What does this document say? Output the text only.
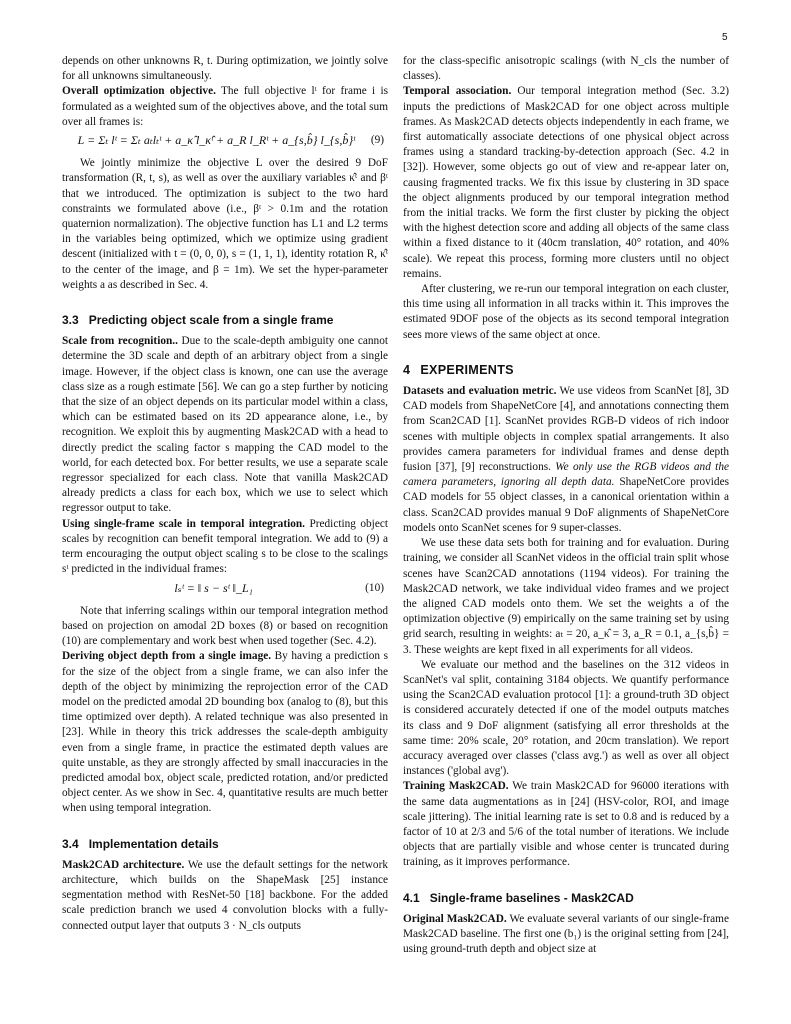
5

depends on other unknowns R, t. During optimization, we jointly solve for all unknowns simultaneously.

Overall optimization objective. The full objective lᵗ for frame i is formulated as a weighted sum of the objectives above, and the total sum over all frames is:

L = Σₜ lᵗ = Σₜ aₜlₜᵗ + a_κ̂ l_κ̂ᵗ + a_R l_Rᵗ + a_{s,b̂} l_{s,b̂}ᵗ	(9)

We jointly minimize the objective L over the desired 9 DoF transformation (R, t, s), as well as over the auxiliary variables κ̂ᵗ and βᵗ that we introduced. The optimization is subject to the two hard constraints we formulated above (i.e., βᵗ > 0.1m and the rotation quaternion normalization). The objective function has L1 and L2 terms in the variables being optimized, which we optimize using gradient descent (initialized with t = (0, 0, 0), s = (1, 1, 1), identity rotation R, κ̂ᵗ to the center of the image, and β = 1m). We set the hyper-parameter weights a as described in Sec. 4.

3.3 Predicting object scale from a single frame

Scale from recognition.. Due to the scale-depth ambiguity one cannot determine the 3D scale and depth of an arbitrary object from a single image. However, if the object class is known, one can use the average class size as a rough estimate [56]. We can go a step further by noticing that the size of an object depends on its particular model within a class, which can be estimated based on its 2D appearance alone, i.e., by recognition. We exploit this by augmenting Mask2CAD with a head to directly predict the scaling factor s mapping the CAD model to the world, for each detected box. For better results, we use a separate scale regressor specialized for each class. Note that vanilla Mask2CAD already predicts a class for each box, which we use to select which regressor output to take.

Using single-frame scale in temporal integration. Predicting object scales by recognition can benefit temporal integration. We add to (9) a term encouraging the output object scaling s to be close to the scalings sᵗ predicted in the individual frames:

lₛᵗ = ‖ s − sᵗ ‖_L₁	(10)

Note that inferring scalings within our temporal integration method based on projection on amodal 2D boxes (8) or based on recognition (10) are complementary and work best when used together (Sec. 4.2).

Deriving object depth from a single image. By having a prediction s for the size of the object from a single frame, we can also infer the depth of the object by minimizing the reprojection error of the CAD model on the predicted amodal 2D bounding box (analog to (8), but this time optimized over depth). A related technique was also presented in [23]. While in theory this trick addresses the scale-depth ambiguity even from a single frame, in practice the estimated depth values are quite unstable, as they are strongly affected by small inaccuracies in the predicted amodal box, object scale, predicted rotation, and/or predicted object center. As we show in Sec. 4, quantitative results are much better when using temporal integration.

3.4 Implementation details

Mask2CAD architecture. We use the default settings for the network architecture, which builds on the ShapeMask [25] instance segmentation method with ResNet-50 [18] backbone. For the added scale prediction branch we used 4 convolution blocks with a fully-connected output layer that outputs 3 · N_cls outputs

for the class-specific anisotropic scalings (with N_cls the number of classes).

Temporal association. Our temporal integration method (Sec. 3.2) inputs the predictions of Mask2CAD for one object across multiple frames. As Mask2CAD detects objects independently in each frame, we first automatically associate detections of one physical object across frames using a standard tracking-by-detection approach (Sec. 4.2 in [32]). However, some objects go out of view and re-appear later on, causing fragmented tracks. We fix this issue by clustering in 3D space the object alignments produced by our temporal integration method from the initial tracks. We form the first cluster by picking the object with the highest detection score and adding all objects of the same class within a fixed distance to it (40cm translation, 40° rotation, and 40% scale). We repeat this process, forming more clusters until no object remains.

After clustering, we re-run our temporal integration on each cluster, this time using all information in all tracks within it. This improves the estimated 9DOF pose of the objects as its second temporal integration sees more views of the same object at once.

4 EXPERIMENTS

Datasets and evaluation metric. We use videos from ScanNet [8], 3D CAD models from ShapeNetCore [4], and annotations connecting them from Scan2CAD [1]. ScanNet provides RGB-D videos of rich indoor scenes with multiple objects in complex spatial arrangements. It also provides camera parameters for individual frames and dense depth fusion [37], [9] reconstructions. We only use the RGB videos and the camera parameters, ignoring all depth data. ShapeNetCore provides CAD models for 55 object classes, in a canonical orientation within a class. Scan2CAD provides manual 9 DoF alignments of ShapeNetCore models onto ScanNet scenes for 9 super-classes.

We use these data sets both for training and for evaluation. During training, we consider all ScanNet videos in the official train split whose scenes have Scan2CAD annotations (1194 videos). For training the Mask2CAD network, we take individual video frames and we project the aligned CAD models onto them. We set the weights a of the optimization objective (9) empirically on the same training set by using grid search, resulting in weights: aₜ = 20, a_κ̂ = 3, a_R = 0.1, a_{s,b̂} = 3. These weights are kept fixed in all experiments for all videos.

We evaluate our method and the baselines on the 312 videos in ScanNet's val split, containing 3184 objects. We quantify performance using the Scan2CAD evaluation protocol [1]: a ground-truth 3D object is considered accurately detected if one of the model outputs matches its class and 9 DoF alignment (satisfying all error thresholds at the same time: 20% scale, 20° rotation, and 20cm translation). We report accuracy averaged over classes ('class avg.') as well as over all object instances ('global avg').

Training Mask2CAD. We train Mask2CAD for 96000 iterations with the same data augmentations as in [24] (HSV-color, ROI, and image scale jittering). The initial learning rate is set to 0.8 and is reduced by a factor of 10 at 2/3 and 5/6 of the total number of iterations. We include objects that are partially visible and whose center is truncated during training, as it improves performance.

4.1 Single-frame baselines - Mask2CAD

Original Mask2CAD. We evaluate several variants of our single-frame Mask2CAD baseline. The first one (b₁) is the original setting from [24], using ground-truth depth and object size at
